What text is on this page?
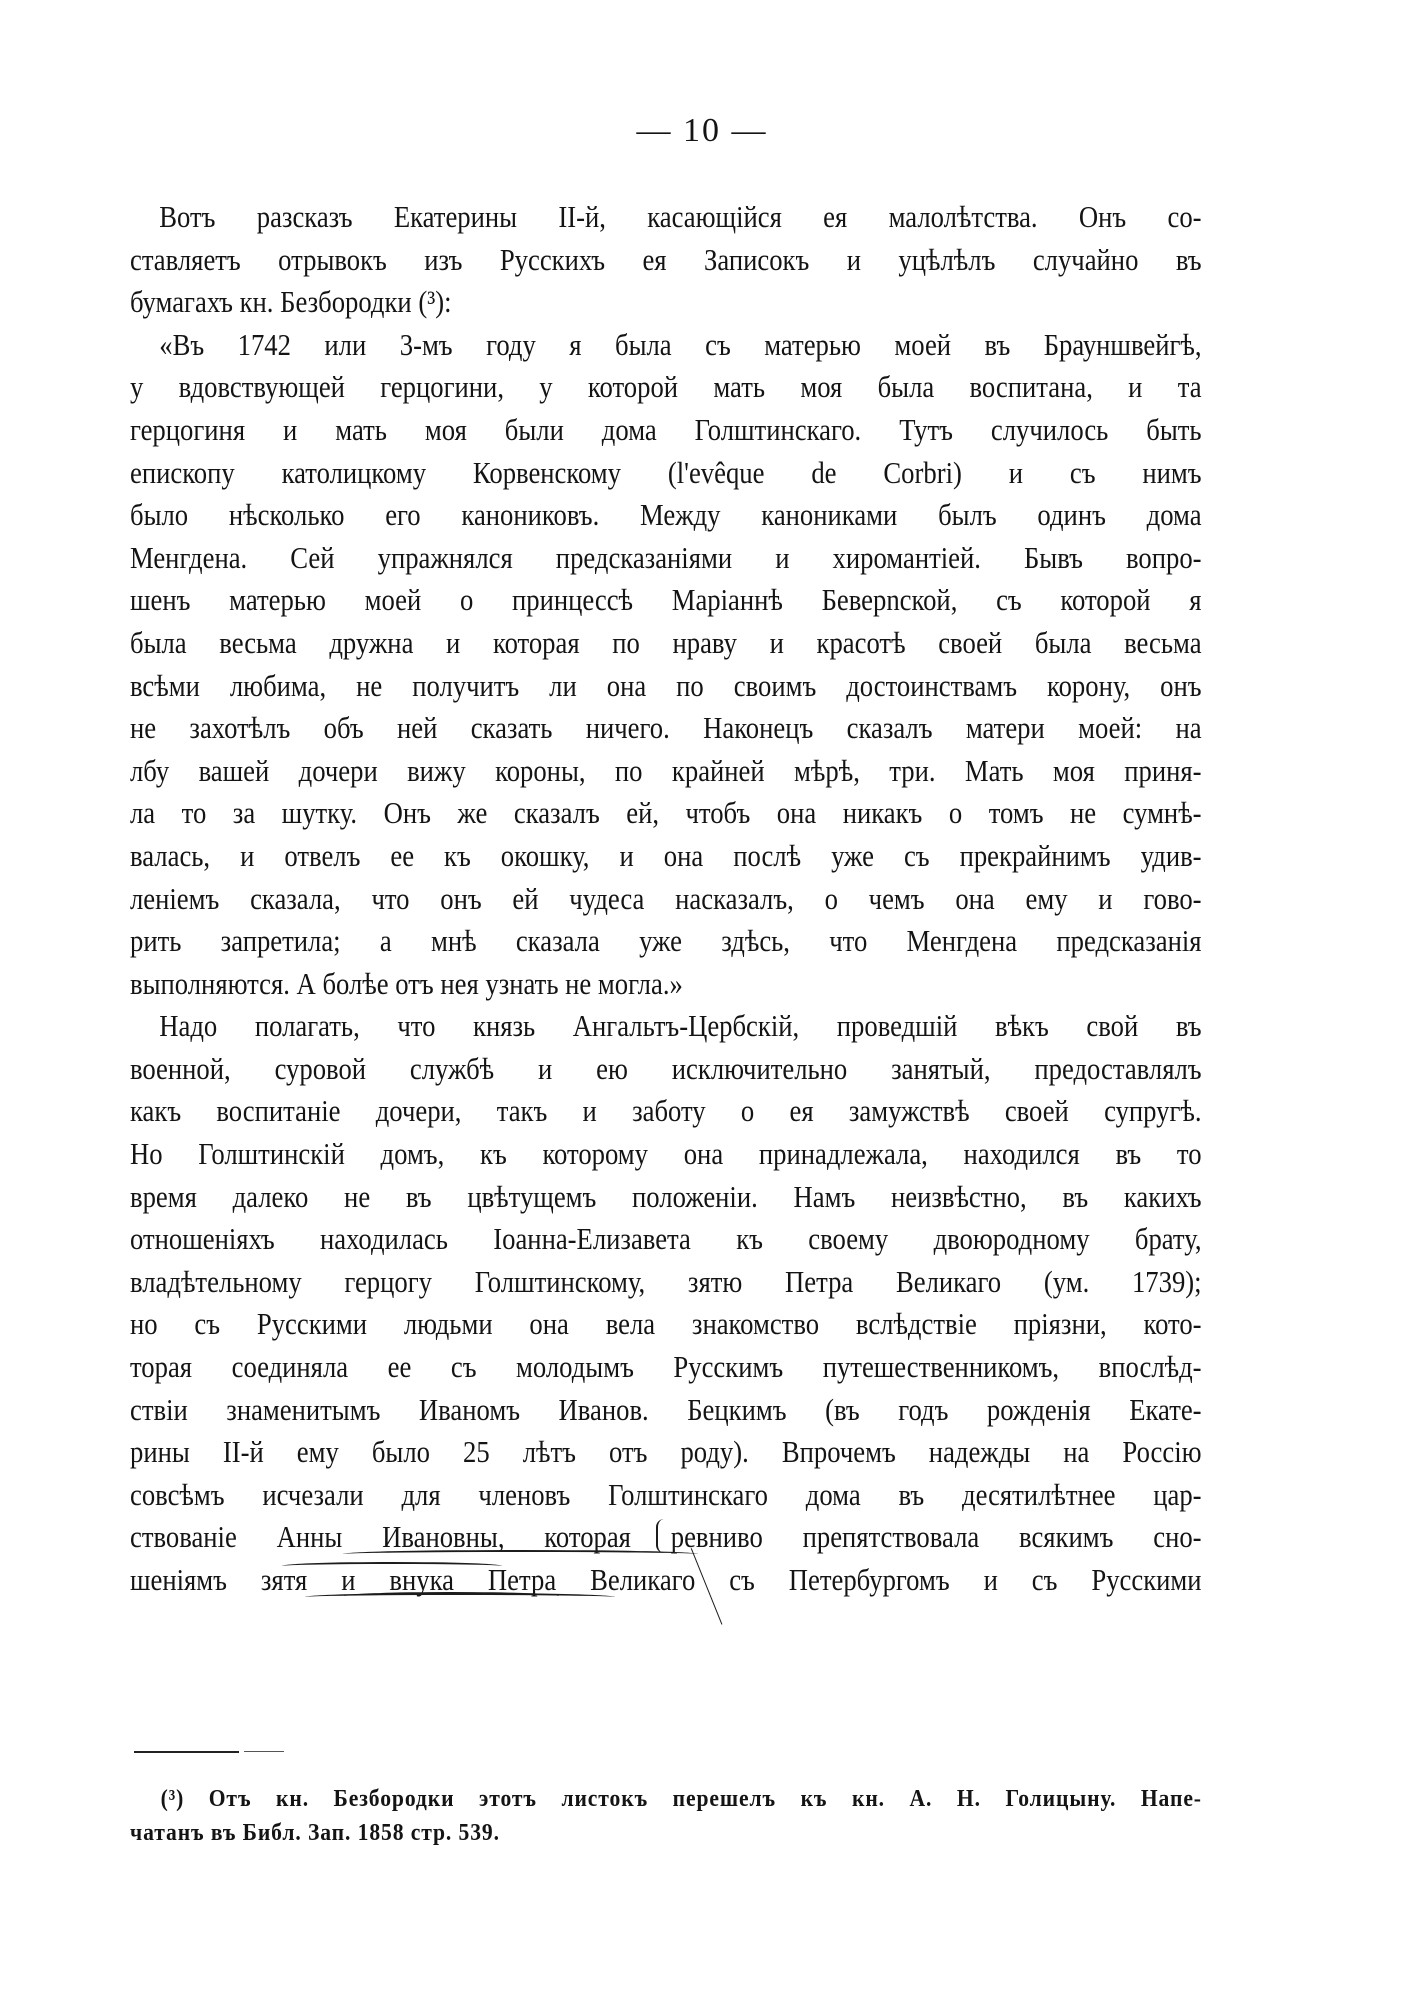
— 10 —
Вотъ разсказъ Екатерины II-й, касающійся ея малолѣтства. Онъ со-
ставляетъ отрывокъ изъ Русскихъ ея Записокъ и уцѣлѣлъ случайно въ
бумагахъ кн. Безбородки (³):
«Въ 1742 или 3-мъ году я была съ матерью моей въ Брауншвейгѣ,
у вдовствующей герцогини, у которой мать моя была воспитана, и та
герцогиня и мать моя были дома Голштинскаго. Тутъ случилось быть
епископу католицкому Корвенскому (l'evêque de Corbri) и съ нимъ
было нѣсколько его канониковъ. Между канониками былъ одинъ дома
Менгдена. Сей упражнялся предсказаніями и хиромантіей. Бывъ вопро-
шенъ матерью моей о принцессѣ Маріаннѣ Беверnской, съ которой я
была весьма дружна и которая по нраву и красотѣ своей была весьма
всѣми любима, не получитъ ли она по своимъ достоинствамъ корону, онъ
не захотѣлъ объ ней сказать ничего. Наконецъ сказалъ матери моей: на
лбу вашей дочери вижу короны, по крайней мѣрѣ, три. Мать моя приня-
ла то за шутку. Онъ же сказалъ ей, чтобъ она никакъ о томъ не сумнѣ-
валась, и отвелъ ее къ окошку, и она послѣ уже съ прекрайнимъ удив-
леніемъ сказала, что онъ ей чудеса насказалъ, о чемъ она ему и гово-
рить запретила; а мнѣ сказала уже здѣсь, что Менгдена предсказанія
выполняются. А болѣе отъ нея узнать не могла.»
Надо полагать, что князь Ангальтъ-Цербскій, проведшій вѣкъ свой въ
военной, суровой службѣ и ею исключительно занятый, предоставлялъ
какъ воспитаніе дочери, такъ и заботу о ея замужствѣ своей супругѣ.
Но Голштинскій домъ, къ которому она принадлежала, находился въ то
время далеко не въ цвѣтущемъ положеніи. Намъ неизвѣстно, въ какихъ
отношеніяхъ находилась Іоанна-Елизавета къ своему двоюродному брату,
владѣтельному герцогу Голштинскому, зятю Петра Великаго (ум. 1739);
но съ Русскими людьми она вела знакомство вслѣдствіе пріязни, кото-
торая соединяла ее съ молодымъ Русскимъ путешественникомъ, впослѣд-
ствіи знаменитымъ Иваномъ Иванов. Бецкимъ (въ годъ рожденія Екате-
рины II-й ему было 25 лѣтъ отъ роду). Впрочемъ надежды на Россію
совсѣмъ исчезали для членовъ Голштинскаго дома въ десятилѣтнее цар-
ствованіе Анны Ивановны, которая ревниво препятствовала всякимъ сно-
шеніямъ зятя и внука Петра Великаго съ Петербургомъ и съ Русскими
(³) Отъ кн. Безбородки этотъ листокъ перешелъ къ кн. А. Н. Голицыну. Напе-
чатанъ въ Библ. Зап. 1858 стр. 539.
